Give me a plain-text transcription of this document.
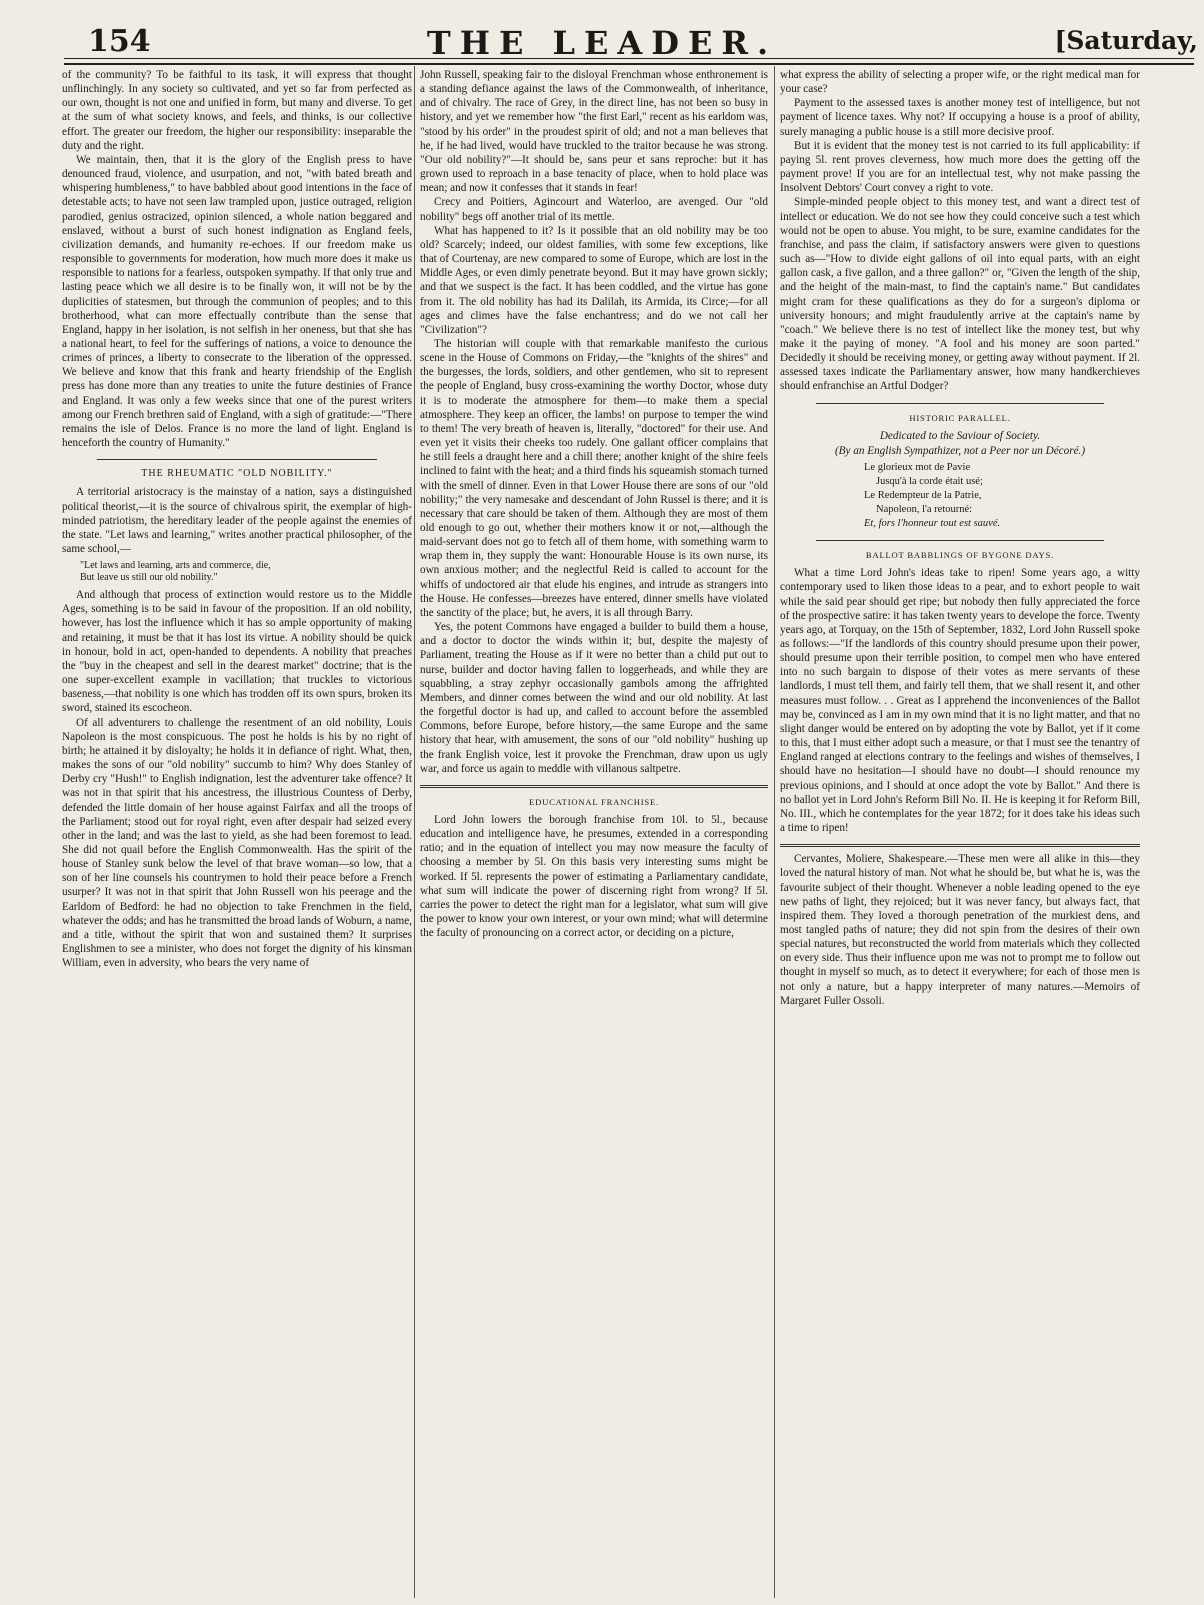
154	THE LEADER.	[Saturday,

of the community? To be faithful to its task, it will express that thought unflinchingly. In any society so cultivated, and yet so far from perfected as our own, thought is not one and unified in form, but many and diverse. To get at the sum of what society knows, and feels, and thinks, is our collective effort. The greater our freedom, the higher our responsibility: inseparable the duty and the right.

We maintain, then, that it is the glory of the English press to have denounced fraud, violence, and usurpation, and not, "with bated breath and whispering humbleness," to have babbled about good intentions in the face of detestable acts; to have not seen law trampled upon, justice outraged, religion parodied, genius ostracized, opinion silenced, a whole nation beggared and enslaved, without a burst of such honest indignation as England feels, civilization demands, and humanity re-echoes. If our freedom make us responsible to governments for moderation, how much more does it make us responsible to nations for a fearless, outspoken sympathy. If that only true and lasting peace which we all desire is to be finally won, it will not be by the duplicities of statesmen, but through the communion of peoples; and to this brotherhood, what can more effectually contribute than the sense that England, happy in her isolation, is not selfish in her oneness, but that she has a national heart, to feel for the sufferings of nations, a voice to denounce the crimes of princes, a liberty to consecrate to the liberation of the oppressed. We believe and know that this frank and hearty friendship of the English press has done more than any treaties to unite the future destinies of France and England. It was only a few weeks since that one of the purest writers among our French brethren said of England, with a sigh of gratitude:—"There remains the isle of Delos. France is no more the land of light. England is henceforth the country of Humanity."

THE RHEUMATIC "OLD NOBILITY."

A territorial aristocracy is the mainstay of a nation, says a distinguished political theorist,—it is the source of chivalrous spirit, the exemplar of high-minded patriotism, the hereditary leader of the people against the enemies of the state. "Let laws and learning," writes another practical philosopher, of the same school,—

"Let laws and learning, arts and commerce, die,
But leave us still our old nobility."

And although that process of extinction would restore us to the Middle Ages, something is to be said in favour of the proposition. If an old nobility, however, has lost the influence which it has so ample opportunity of making and retaining, it must be that it has lost its virtue. A nobility should be quick in honour, bold in act, open-handed to dependents. A nobility that preaches the "buy in the cheapest and sell in the dearest market" doctrine; that is the one super-excellent example in vacillation; that truckles to victorious baseness,—that nobility is one which has trodden off its own spurs, broken its sword, stained its escocheon.

Of all adventurers to challenge the resentment of an old nobility, Louis Napoleon is the most conspicuous. The post he holds is his by no right of birth; he attained it by disloyalty; he holds it in defiance of right. What, then, makes the sons of our "old nobility" succumb to him? Why does Stanley of Derby cry "Hush!" to English indignation, lest the adventurer take offence? It was not in that spirit that his ancestress, the illustrious Countess of Derby, defended the little domain of her house against Fairfax and all the troops of the Parliament; stood out for royal right, even after despair had seized every other in the land; and was the last to yield, as she had been foremost to lead. She did not quail before the English Commonwealth. Has the spirit of the house of Stanley sunk below the level of that brave woman—so low, that a son of her line counsels his countrymen to hold their peace before a French usurper? It was not in that spirit that John Russell won his peerage and the Earldom of Bedford: he had no objection to take Frenchmen in the field, whatever the odds; and has he transmitted the broad lands of Woburn, a name, and a title, without the spirit that won and sustained them? It surprises Englishmen to see a minister, who does not forget the dignity of his kinsman William, even in adversity, who bears the very name of

John Russell, speaking fair to the disloyal Frenchman whose enthronement is a standing defiance against the laws of the Commonwealth, of inheritance, and of chivalry. The race of Grey, in the direct line, has not been so busy in history, and yet we remember how "the first Earl," recent as his earldom was, "stood by his order" in the proudest spirit of old; and not a man believes that he, if he had lived, would have truckled to the traitor because he was strong. "Our old nobility?"—It should be, sans peur et sans reproche: but it has grown used to reproach in a base tenacity of place, when to hold place was mean; and now it confesses that it stands in fear!

Crecy and Poitiers, Agincourt and Waterloo, are avenged. Our "old nobility" begs off another trial of its mettle.

What has happened to it? Is it possible that an old nobility may be too old? Scarcely; indeed, our oldest families, with some few exceptions, like that of Courtenay, are new compared to some of Europe, which are lost in the Middle Ages, or even dimly penetrate beyond. But it may have grown sickly; and that we suspect is the fact. It has been coddled, and the virtue has gone from it. The old nobility has had its Dalilah, its Armida, its Circe;—for all ages and climes have the false enchantress; and do we not call her "Civilization"?

The historian will couple with that remarkable manifesto the curious scene in the House of Commons on Friday,—the "knights of the shires" and the burgesses, the lords, soldiers, and other gentlemen, who sit to represent the people of England, busy cross-examining the worthy Doctor, whose duty it is to moderate the atmosphere for them—to make them a special atmosphere. They keep an officer, the lambs! on purpose to temper the wind to them! The very breath of heaven is, literally, "doctored" for their use. And even yet it visits their cheeks too rudely. One gallant officer complains that he still feels a draught here and a chill there; another knight of the shire feels inclined to faint with the heat; and a third finds his squeamish stomach turned with the smell of dinner. Even in that Lower House there are sons of our "old nobility;" the very namesake and descendant of John Russel is there; and it is necessary that care should be taken of them. Although they are most of them old enough to go out, whether their mothers know it or not,—although the maid-servant does not go to fetch all of them home, with something warm to wrap them in, they supply the want: Honourable House is its own nurse, its own anxious mother; and the neglectful Reid is called to account for the whiffs of undoctored air that elude his engines, and intrude as strangers into the House. He confesses—breezes have entered, dinner smells have violated the sanctity of the place; but, he avers, it is all through Barry.

Yes, the potent Commons have engaged a builder to build them a house, and a doctor to doctor the winds within it; but, despite the majesty of Parliament, treating the House as if it were no better than a child put out to nurse, builder and doctor having fallen to loggerheads, and while they are squabbling, a stray zephyr occasionally gambols among the affrighted Members, and dinner comes between the wind and our old nobility. At last the forgetful doctor is had up, and called to account before the assembled Commons, before Europe, before history,—the same Europe and the same history that hear, with amusement, the sons of our "old nobility" hushing up the frank English voice, lest it provoke the Frenchman, draw upon us ugly war, and force us again to meddle with villanous saltpetre.

EDUCATIONAL FRANCHISE.

Lord John lowers the borough franchise from 10l. to 5l., because education and intelligence have, he presumes, extended in a corresponding ratio; and in the equation of intellect you may now measure the faculty of choosing a member by 5l. On this basis very interesting sums might be worked. If 5l. represents the power of estimating a Parliamentary candidate, what sum will indicate the power of discerning right from wrong? If 5l. carries the power to detect the right man for a legislator, what sum will give the power to know your own interest, or your own mind; what will determine the faculty of pronouncing on a correct actor, or deciding on a picture,

what express the ability of selecting a proper wife, or the right medical man for your case?

Payment to the assessed taxes is another money test of intelligence, but not payment of licence taxes. Why not? If occupying a house is a proof of ability, surely managing a public house is a still more decisive proof.

But it is evident that the money test is not carried to its full applicability: if paying 5l. rent proves cleverness, how much more does the getting off the payment prove! If you are for an intellectual test, why not make passing the Insolvent Debtors' Court convey a right to vote.

Simple-minded people object to this money test, and want a direct test of intellect or education. We do not see how they could conceive such a test which would not be open to abuse. You might, to be sure, examine candidates for the franchise, and pass the claim, if satisfactory answers were given to questions such as—"How to divide eight gallons of oil into equal parts, with an eight gallon cask, a five gallon, and a three gallon?" or, "Given the length of the ship, and the height of the main-mast, to find the captain's name." But candidates might cram for these qualifications as they do for a surgeon's diploma or university honours; and might fraudulently arrive at the captain's name by "coach." We believe there is no test of intellect like the money test, but why make it the paying of money. "A fool and his money are soon parted." Decidedly it should be receiving money, or getting away without payment. If 2l. assessed taxes indicate the Parliamentary answer, how many handkerchieves should enfranchise an Artful Dodger?

HISTORIC PARALLEL.
Dedicated to the Saviour of Society.
(By an English Sympathizer, not a Peer nor un Décoré.)
Le glorieux mot de Pavie
Jusqu'à la corde était usé;
Le Redempteur de la Patrie,
Napoleon, l'a retourné:
Et, fors l'honneur tout est sauvé.
BALLOT BABBLINGS OF BYGONE DAYS.

What a time Lord John's ideas take to ripen! Some years ago, a witty contemporary used to liken those ideas to a pear, and to exhort people to wait while the said pear should get ripe; but nobody then fully appreciated the force of the prospective satire: it has taken twenty years to develope the force. Twenty years ago, at Torquay, on the 15th of September, 1832, Lord John Russell spoke as follows:—"If the landlords of this country should presume upon their power, should presume upon their terrible position, to compel men who have entered into no such bargain to dispose of their votes as mere servants of these landlords, I must tell them, and fairly tell them, that we shall resent it, and other measures must follow. . . Great as I apprehend the inconveniences of the Ballot may be, convinced as I am in my own mind that it is no light matter, and that no slight danger would be entered on by adopting the vote by Ballot, yet if it come to this, that I must either adopt such a measure, or that I must see the tenantry of England ranged at elections contrary to the feelings and wishes of themselves, I should have no hesitation—I should have no doubt—I should renounce my previous opinions, and I should at once adopt the vote by Ballot." And there is no ballot yet in Lord John's Reform Bill No. II. He is keeping it for Reform Bill, No. III., which he contemplates for the year 1872; for it does take his ideas such a time to ripen!

Cervantes, Moliere, Shakespeare.—These men were all alike in this—they loved the natural history of man. Not what he should be, but what he is, was the favourite subject of their thought. Whenever a noble leading opened to the eye new paths of light, they rejoiced; but it was never fancy, but always fact, that inspired them. They loved a thorough penetration of the murkiest dens, and most tangled paths of nature; they did not spin from the desires of their own special natures, but reconstructed the world from materials which they collected on every side. Thus their influence upon me was not to prompt me to follow out thought in myself so much, as to detect it everywhere; for each of those men is not only a nature, but a happy interpreter of many natures.—Memoirs of Margaret Fuller Ossoli.
